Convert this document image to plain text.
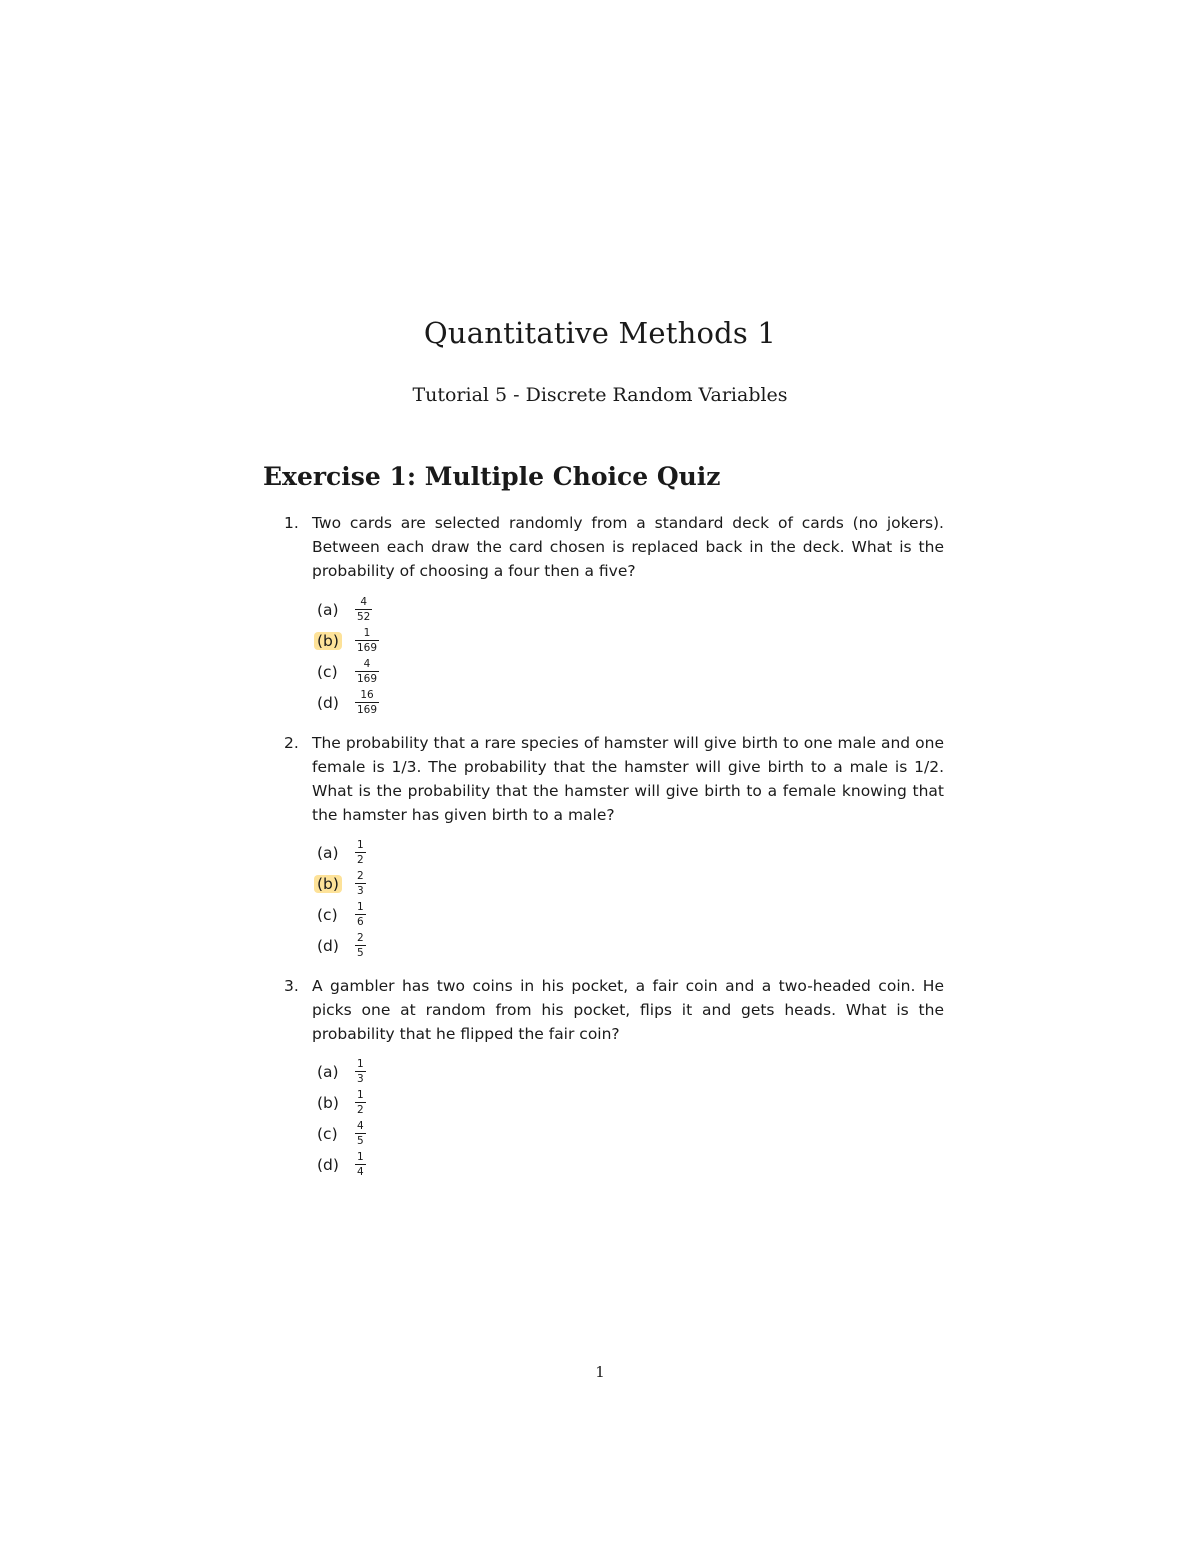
Quantitative Methods 1
Tutorial 5 - Discrete Random Variables
Exercise 1: Multiple Choice Quiz
1. Two cards are selected randomly from a standard deck of cards (no jokers). Between each draw the card chosen is replaced back in the deck. What is the probability of choosing a four then a five?
(a) 4
52
(b) 1
169
(c) 4
169
(d) 16
169
2. The probability that a rare species of hamster will give birth to one male and one female is 1/3. The probability that the hamster will give birth to a male is 1/2. What is the probability that the hamster will give birth to a female knowing that the hamster has given birth to a male?
(a) 1
2
(b) 2
3
(c) 1
6
(d) 2
5
3. A gambler has two coins in his pocket, a fair coin and a two-headed coin. He picks one at random from his pocket, flips it and gets heads. What is the probability that he flipped the fair coin?
(a) 1
3
(b) 1
2
(c) 4
5
(d) 1
4
1
